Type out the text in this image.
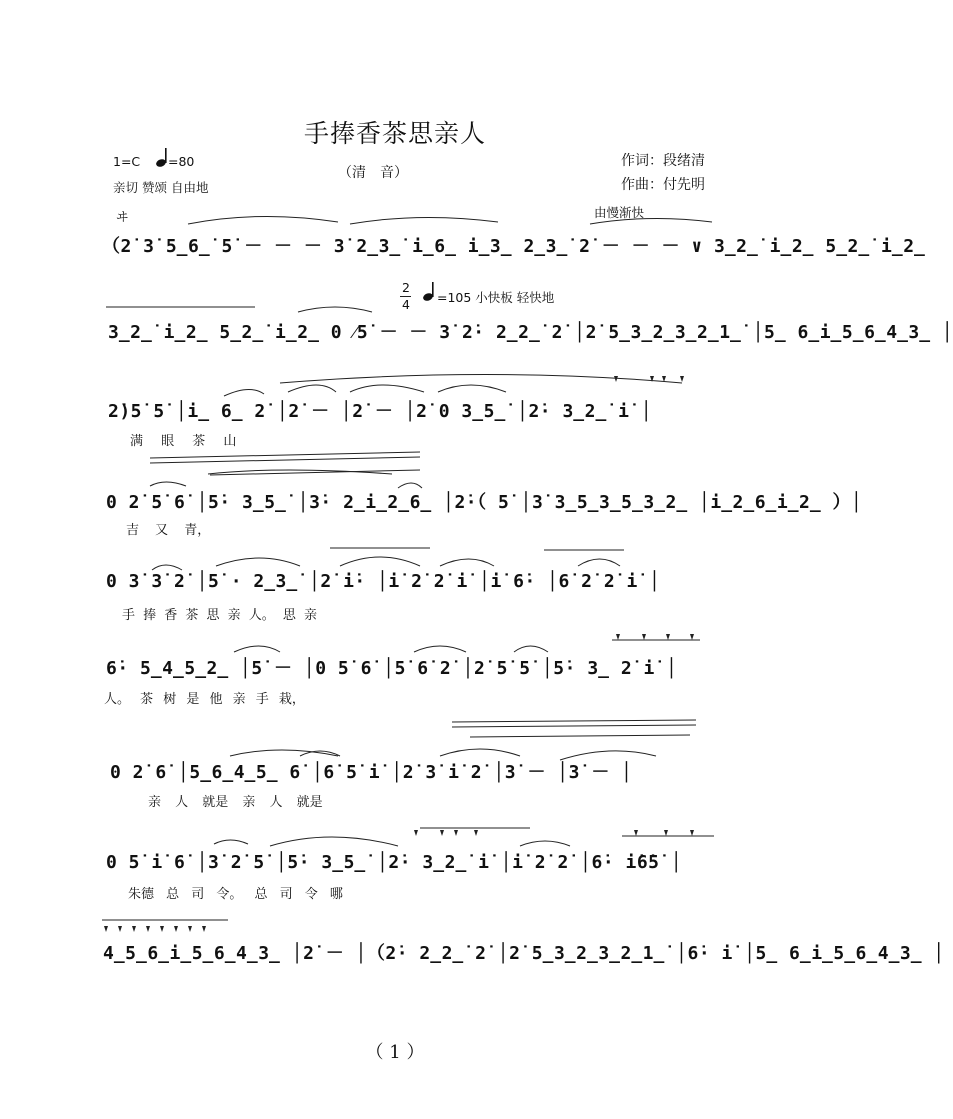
手捧香茶思亲人
（清　音）
1=C =80
亲切 赞颂 自由地
作词：段绪清
作曲：付先明
ヰ	由慢渐快
2
4 =105 小快板 轻快地
（2̇ 3̇ 5̲6̲̇ 5̇ － － － 3̇ 2̲3̲̇ i̲6̲ i̲3̲ 2̲3̲̇ 2̇ － － － ∨ 3̲2̲̇ i̲2̲ 5̲2̲̇ i̲2̲
3̲2̲̇ i̲2̲ 5̲2̲̇ i̲2̲ 0 ⁄5̇ － － 3̇ 2̇· 2̲2̲̇ 2̇ │2̇ 5̲3̲2̲3̲2̲1̲̇ │5̲ 6̲i̲5̲6̲4̲3̲ │
2̇)5̇ 5̇ │i̲ 6̲ 2̇ │2̇ － │2̇ － │2̇ 0 3̲5̲̇ │2̇· 3̲2̲̇ i̇ │
满 眼 茶 山
0 2̇ 5̇ 6̇ │5̇· 3̲5̲̇ │3̇· 2̲i̲2̲6̲ │2̇·（ 5̇ │3̇ 3̲5̲3̲5̲3̲2̲ │i̲2̲6̲i̲2̲ ）│
吉 又 青，
0 3̇ 3̇ 2̇ │5̇ · 2̲3̲̇ │2̇ i̇· │i̇ 2̇ 2̇ i̇ │i̇ 6̇· │6̇ 2̇ 2̇ i̇ │
手 捧 香 茶 思 亲 人。 思 亲
6̇· 5̲4̲5̲2̲ │5̇ － │0 5̇ 6̇ │5̇ 6̇ 2̇ │2̇ 5̇ 5̇ │5̇· 3̲ 2̇ i̇ │
人。 茶 树 是 他 亲 手 栽，
0 2̇ 6̇ │5̲6̲4̲5̲ 6̇ │6̇ 5̇ i̇ │2̇ 3̇ i̇ 2̇ │3̇ － │3̇ － │
亲 人 就是 亲 人 就是
0 5̇ i̇ 6̇ │3̇ 2̇ 5̇ │5̇· 3̲5̲̇ │2̇· 3̲2̲̇ i̇ │i̇ 2̇ 2̇ │6̇· i̇6̇5̇ │
朱德 总 司 令。 总 司 令 哪
4̲5̲6̲i̲5̲6̲4̲3̲ │2̇ － │（2̇· 2̲2̲̇ 2̇ │2̇ 5̲3̲2̲3̲2̲1̲̇ │6̇· i̇ │5̲ 6̲i̲5̲6̲4̲3̲ │
（ 1 ）
